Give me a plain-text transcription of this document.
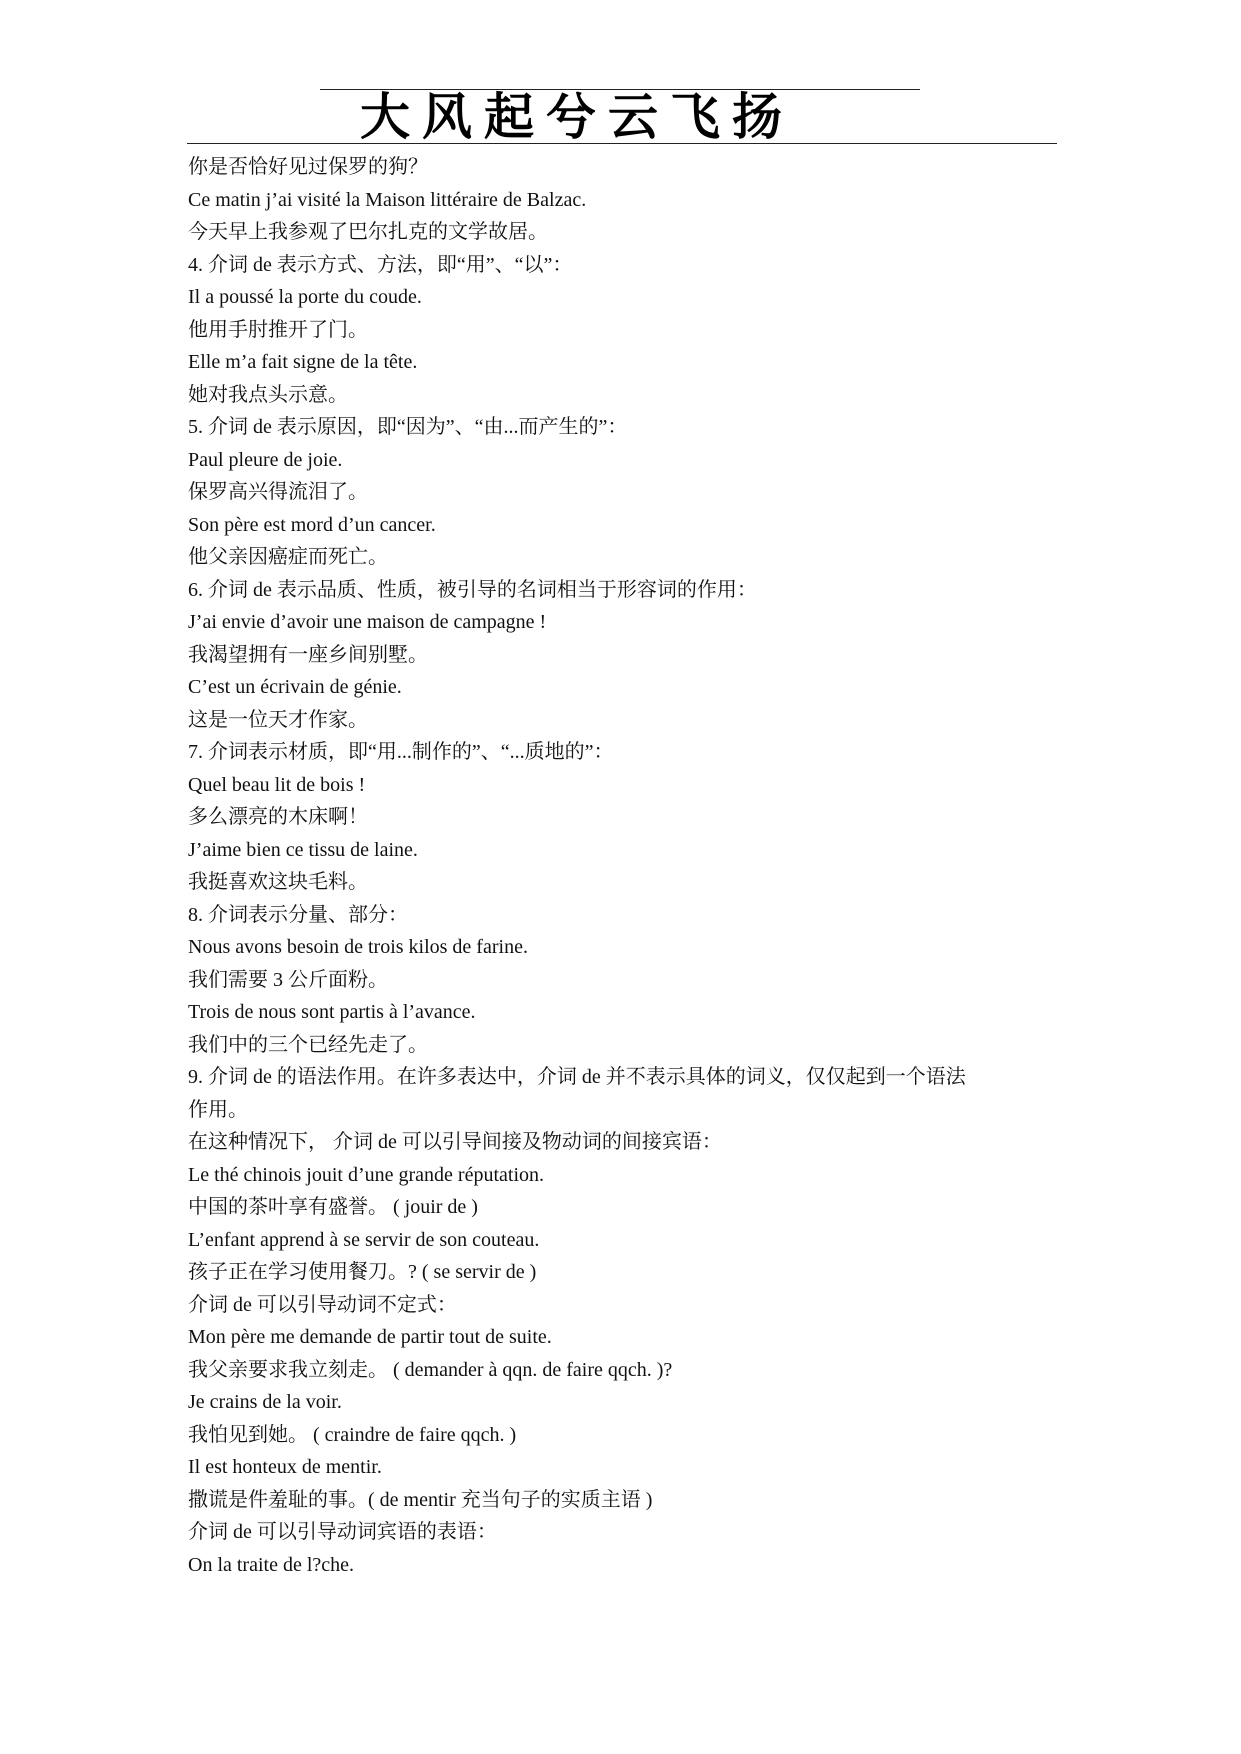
大风起兮云飞扬
你是否恰好见过保罗的狗？
Ce matin j’ai visité la Maison littéraire de Balzac.
今天早上我参观了巴尔扎克的文学故居。
4. 介词 de 表示方式、方法，即“用”、“以”：
Il a poussé la porte du coude.
他用手肘推开了门。
Elle m’a fait signe de la tête.
她对我点头示意。
5. 介词 de 表示原因，即“因为”、“由...而产生的”：
Paul pleure de joie.
保罗高兴得流泪了。
Son père est mord d’un cancer.
他父亲因癌症而死亡。
6. 介词 de 表示品质、性质，被引导的名词相当于形容词的作用：
J’ai envie d’avoir une maison de campagne !
我渴望拥有一座乡间别墅。
C’est un écrivain de génie.
这是一位天才作家。
7. 介词表示材质，即“用...制作的”、“...质地的”：
Quel beau lit de bois !
多么漂亮的木床啊！
J’aime bien ce tissu de laine.
我挺喜欢这块毛料。
8. 介词表示分量、部分：
Nous avons besoin de trois kilos de farine.
我们需要 3 公斤面粉。
Trois de nous sont partis à l’avance.
我们中的三个已经先走了。
9. 介词 de 的语法作用。在许多表达中，介词 de 并不表示具体的词义，仅仅起到一个语法
作用。
在这种情况下， 介词 de 可以引导间接及物动词的间接宾语：
Le thé chinois jouit d’une grande réputation.
中国的茶叶享有盛誉。 ( jouir de )
L’enfant apprend à se servir de son couteau.
孩子正在学习使用餐刀。? ( se servir de )
介词 de 可以引导动词不定式：
Mon père me demande de partir tout de suite.
我父亲要求我立刻走。 ( demander à qqn. de faire qqch. )?
Je crains de la voir.
我怕见到她。 ( craindre de faire qqch. )
Il est honteux de mentir.
撒谎是件羞耻的事。( de mentir 充当句子的实质主语 )
介词 de 可以引导动词宾语的表语：
On la traite de l?che.
